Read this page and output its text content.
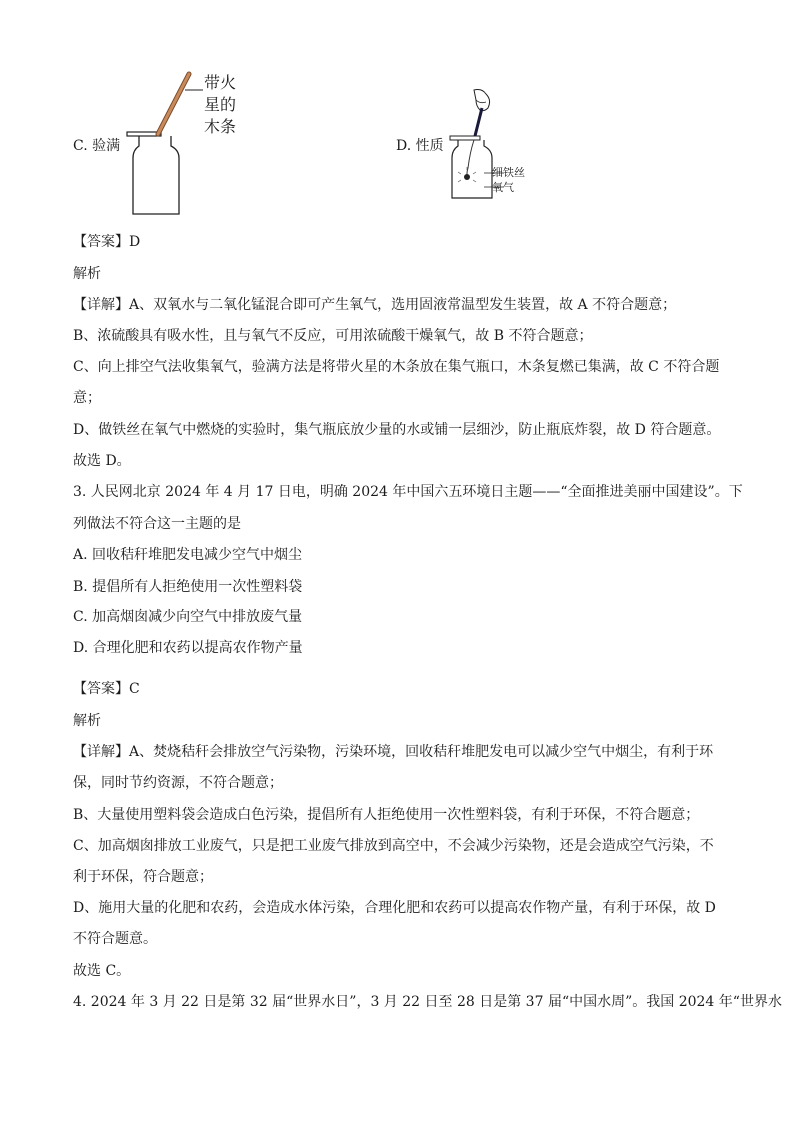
带火
星的
木条
C. 验满
细铁丝
氧气
D. 性质
【答案】D
解析
【详解】A、双氧水与二氧化锰混合即可产生氧气，选用固液常温型发生装置，故 A 不符合题意；
B、浓硫酸具有吸水性，且与氧气不反应，可用浓硫酸干燥氧气，故 B 不符合题意；
C、向上排空气法收集氧气，验满方法是将带火星的木条放在集气瓶口，木条复燃已集满，故 C 不符合题
意；
D、做铁丝在氧气中燃烧的实验时，集气瓶底放少量的水或铺一层细沙，防止瓶底炸裂，故 D 符合题意。
故选 D。
3. 人民网北京 2024 年 4 月 17 日电，明确 2024 年中国六五环境日主题——“全面推进美丽中国建设”。下
列做法不符合这一主题的是
A. 回收秸秆堆肥发电减少空气中烟尘
B. 提倡所有人拒绝使用一次性塑料袋
C. 加高烟囱减少向空气中排放废气量
D. 合理化肥和农药以提高农作物产量
【答案】C
解析
【详解】A、焚烧秸秆会排放空气污染物，污染环境，回收秸秆堆肥发电可以减少空气中烟尘，有利于环
保，同时节约资源，不符合题意；
B、大量使用塑料袋会造成白色污染，提倡所有人拒绝使用一次性塑料袋，有利于环保，不符合题意；
C、加高烟囱排放工业废气，只是把工业废气排放到高空中，不会减少污染物，还是会造成空气污染，不
利于环保，符合题意；
D、施用大量的化肥和农药，会造成水体污染，合理化肥和农药可以提高农作物产量，有利于环保，故 D
不符合题意。
故选 C。
4. 2024 年 3 月 22 日是第 32 届“世界水日”，3 月 22 日至 28 日是第 37 届“中国水周”。我国 2024 年“世界水
